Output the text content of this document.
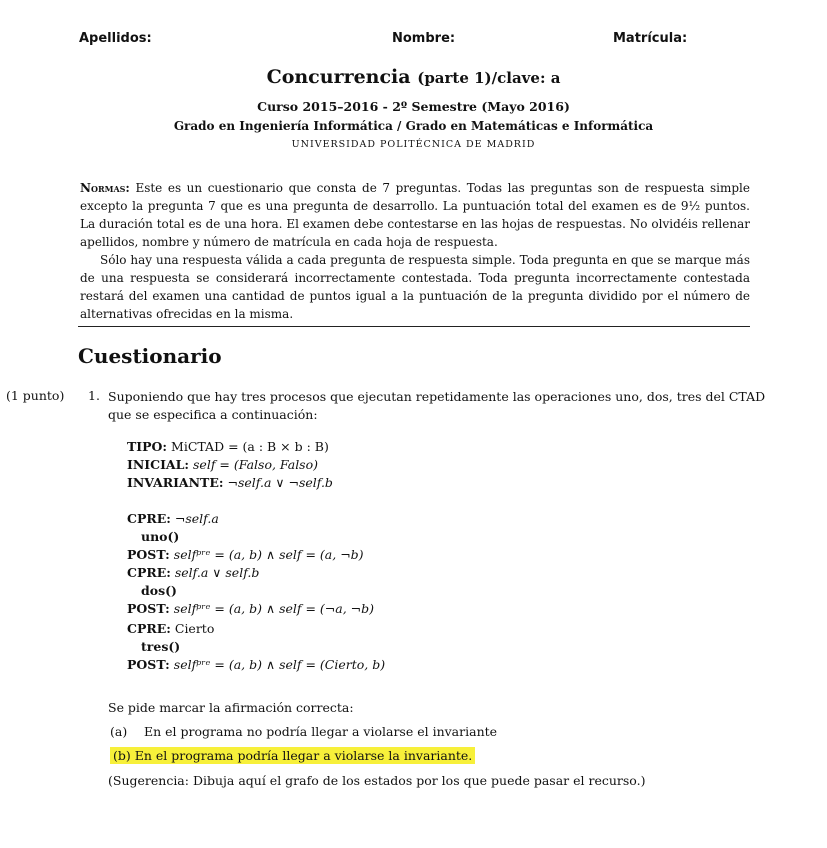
Apellidos:	Nombre:	Matrícula:
Concurrencia (parte 1)/clave: a
Curso 2015–2016 - 2º Semestre (Mayo 2016)
Grado en Ingeniería Informática / Grado en Matemáticas e Informática
UNIVERSIDAD POLITÉCNICA DE MADRID

Normas: Este es un cuestionario que consta de 7 preguntas. Todas las preguntas son de respuesta simple excepto la pregunta 7 que es una pregunta de desarrollo. La puntuación total del examen es de 9½ puntos. La duración total es de una hora. El examen debe contestarse en las hojas de respuestas. No olvidéis rellenar apellidos, nombre y número de matrícula en cada hoja de respuesta.

Sólo hay una respuesta válida a cada pregunta de respuesta simple. Toda pregunta en que se marque más de una respuesta se considerará incorrectamente contestada. Toda pregunta incorrectamente contestada restará del examen una cantidad de puntos igual a la puntuación de la pregunta dividido por el número de alternativas ofrecidas en la misma.

Cuestionario
(1 punto) 1. Suponiendo que hay tres procesos que ejecutan repetidamente las operaciones uno, dos, tres del CTAD que se especifica a continuación:
TIPO: MiCTAD = (a : B × b : B)
INICIAL: self = (Falso, Falso)
INVARIANTE: ¬self.a ∨ ¬self.b
CPRE: ¬self.a
uno()
POST: selfᵖʳᵉ = (a, b) ∧ self = (a, ¬b)
CPRE: self.a ∨ self.b
dos()
POST: selfᵖʳᵉ = (a, b) ∧ self = (¬a, ¬b)
CPRE: Cierto
tres()
POST: selfᵖʳᵉ = (a, b) ∧ self = (Cierto, b)
Se pide marcar la afirmación correcta:
(a) En el programa no podría llegar a violarse el invariante
(b) En el programa podría llegar a violarse la invariante.
(Sugerencia: Dibuja aquí el grafo de los estados por los que puede pasar el recurso.)
